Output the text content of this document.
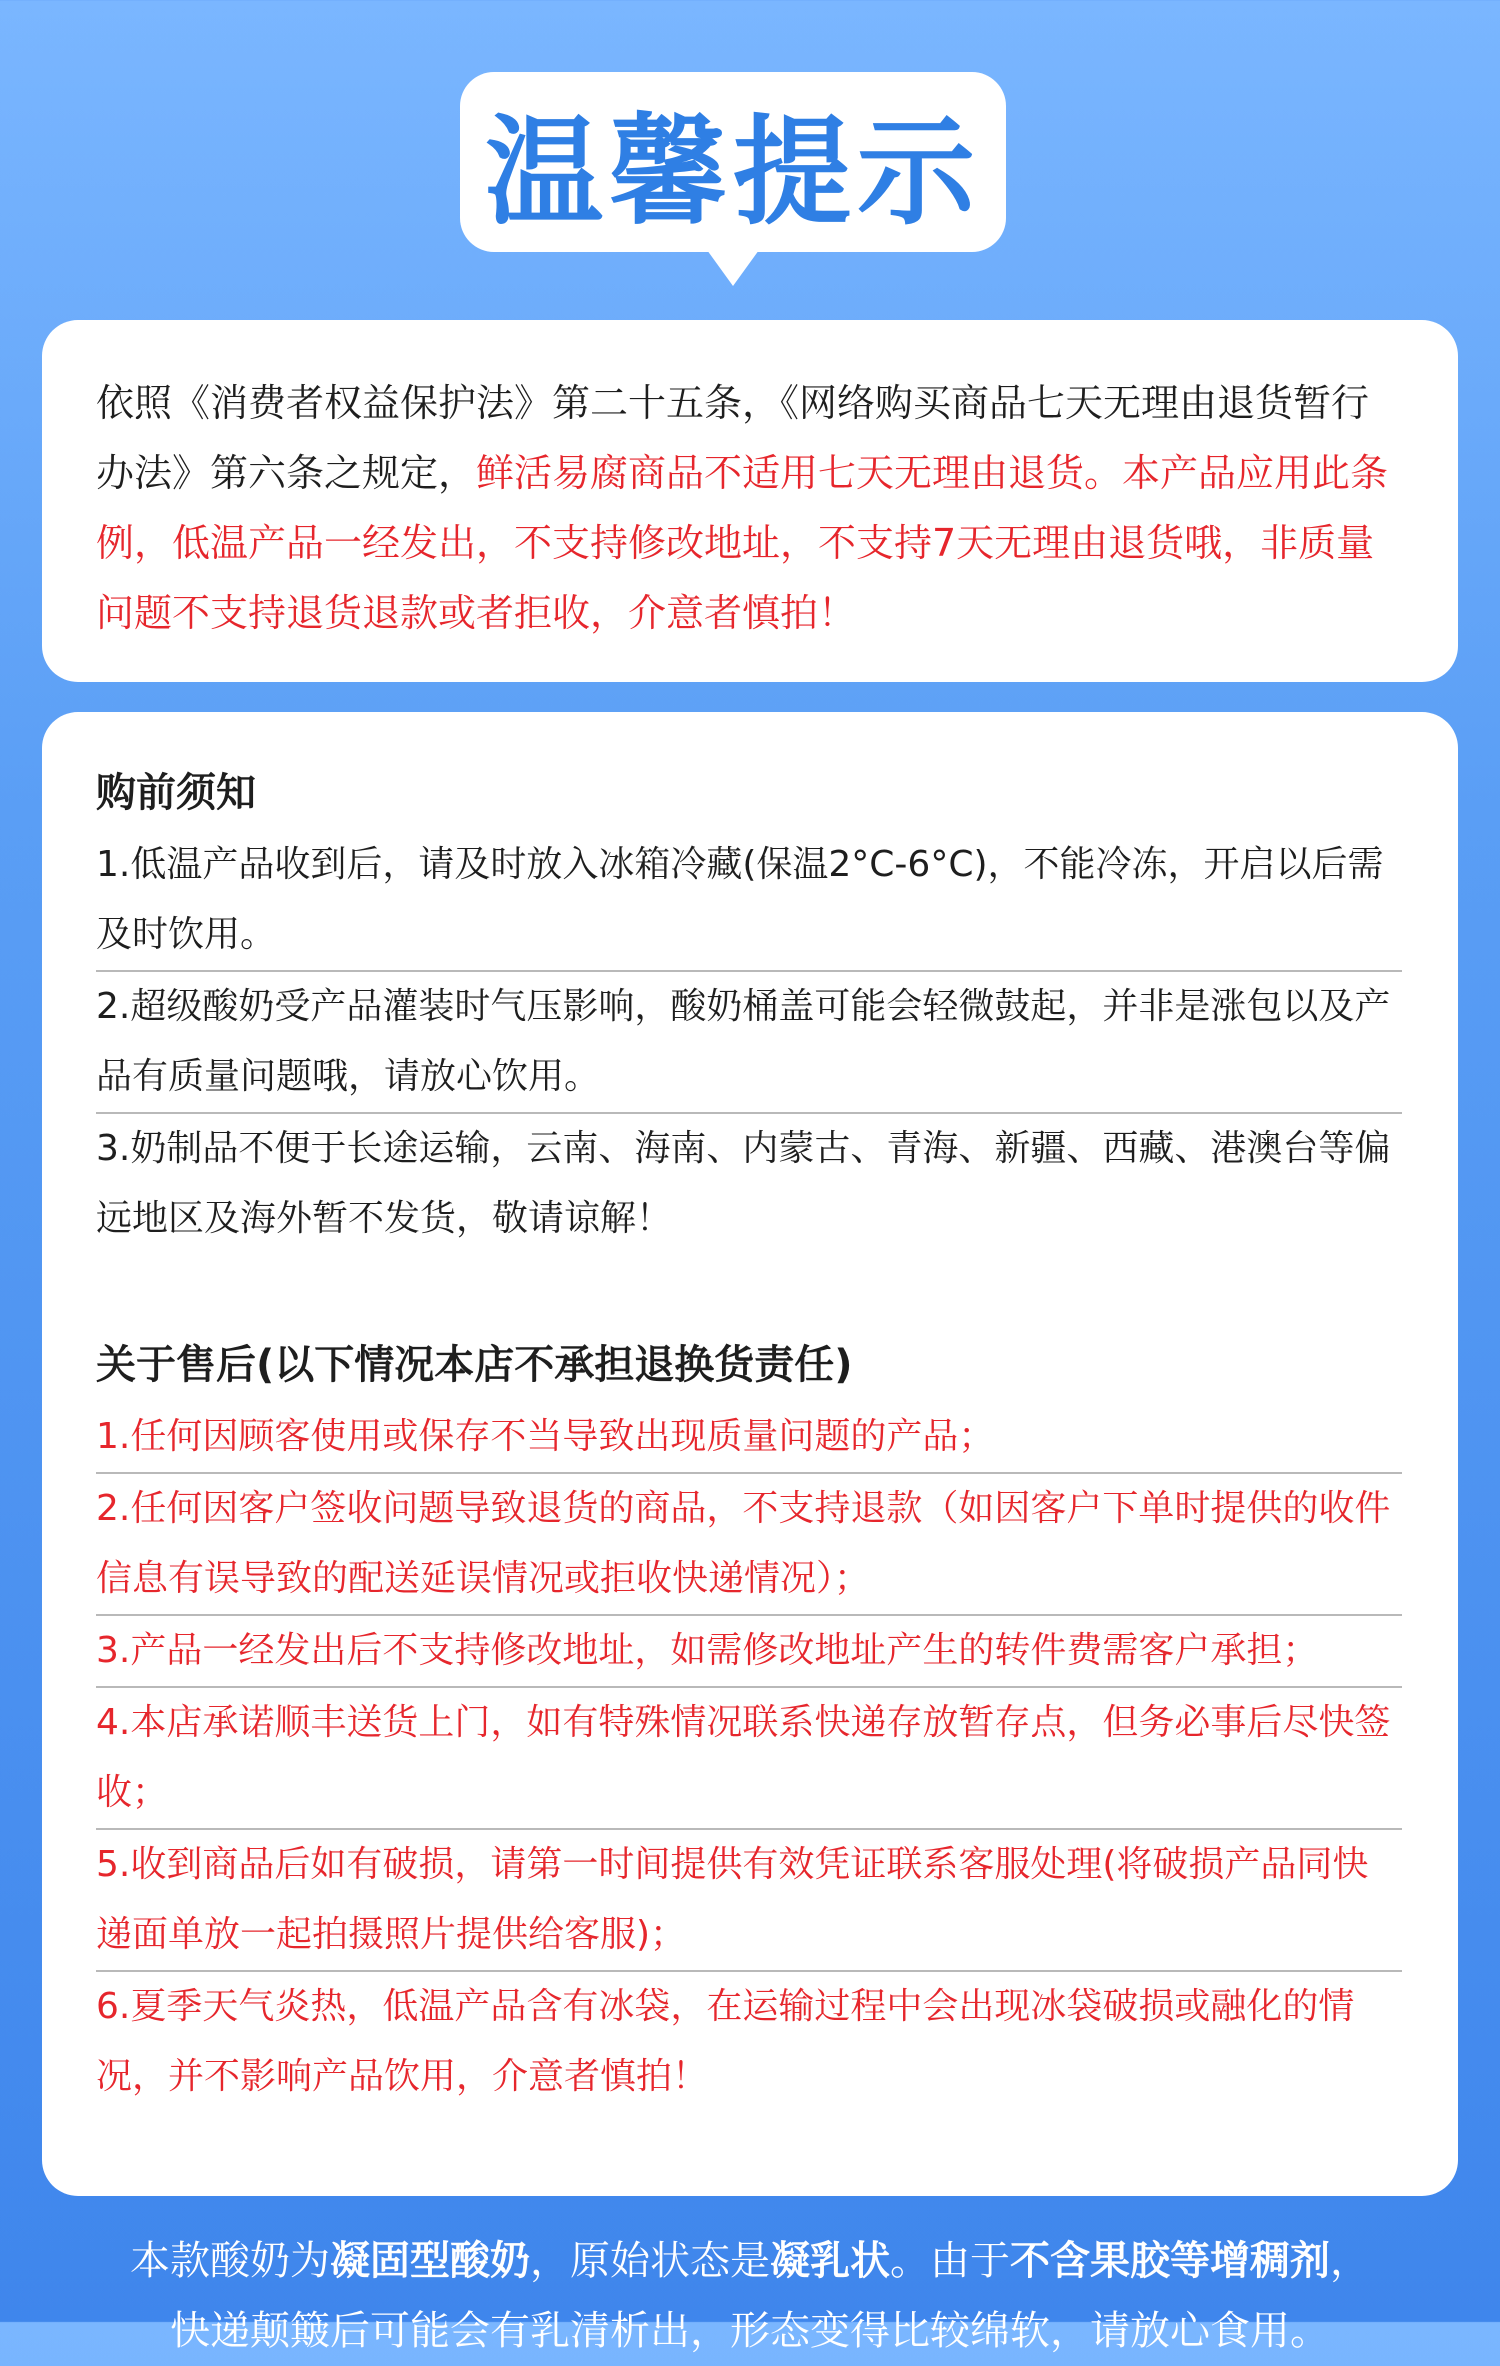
温馨提示

依照《消费者权益保护法》第二十五条，《网络购买商品七天无理由退货暂行办法》第六条之规定，鲜活易腐商品不适用七天无理由退货。本产品应用此条例，低温产品一经发出，不支持修改地址，不支持7天无理由退货哦，非质量问题不支持退货退款或者拒收，介意者慎拍！

购前须知
1.低温产品收到后，请及时放入冰箱冷藏(保温2°C-6°C)，不能冷冻，开启以后需及时饮用。
2.超级酸奶受产品灌装时气压影响，酸奶桶盖可能会轻微鼓起，并非是涨包以及产品有质量问题哦，请放心饮用。
3.奶制品不便于长途运输，云南、海南、内蒙古、青海、新疆、西藏、港澳台等偏远地区及海外暂不发货，敬请谅解！
关于售后(以下情况本店不承担退换货责任)
1.任何因顾客使用或保存不当导致出现质量问题的产品；
2.任何因客户签收问题导致退货的商品，不支持退款（如因客户下单时提供的收件信息有误导致的配送延误情况或拒收快递情况）；
3.产品一经发出后不支持修改地址，如需修改地址产生的转件费需客户承担；
4.本店承诺顺丰送货上门，如有特殊情况联系快递存放暂存点，但务必事后尽快签收；
5.收到商品后如有破损，请第一时间提供有效凭证联系客服处理(将破损产品同快递面单放一起拍摄照片提供给客服)；
6.夏季天气炎热，低温产品含有冰袋，在运输过程中会出现冰袋破损或融化的情况，并不影响产品饮用，介意者慎拍！
本款酸奶为凝固型酸奶，原始状态是凝乳状。由于不含果胶等增稠剂，
快递颠簸后可能会有乳清析出，形态变得比较绵软，请放心食用。
